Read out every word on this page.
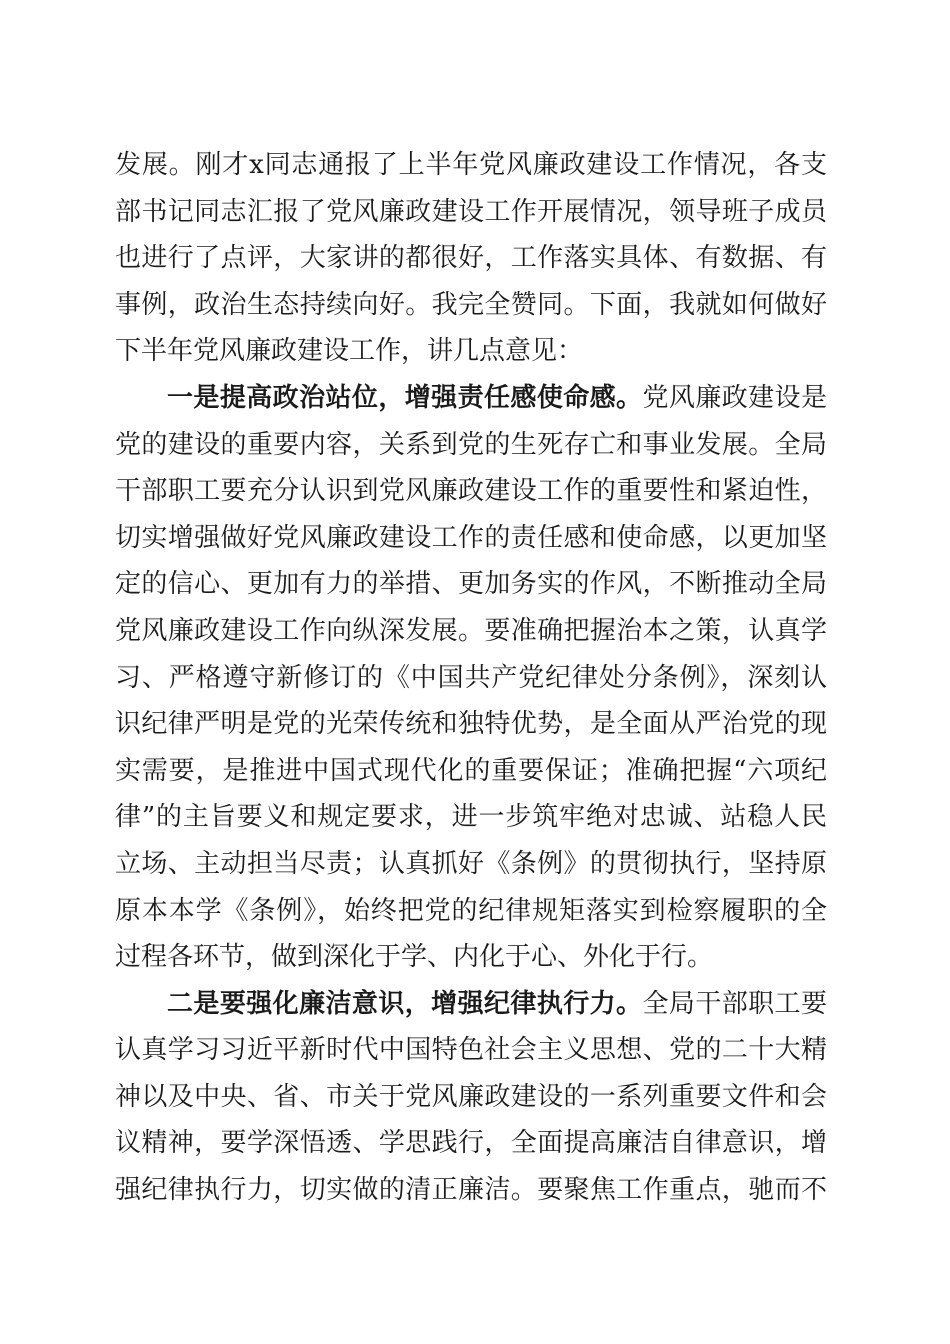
发展。刚才x同志通报了上半年党风廉政建设工作情况，各支
部书记同志汇报了党风廉政建设工作开展情况，领导班子成员
也进行了点评，大家讲的都很好，工作落实具体、有数据、有
事例，政治生态持续向好。我完全赞同。下面，我就如何做好
下半年党风廉政建设工作，讲几点意见：
一是提高政治站位，增强责任感使命感。党风廉政建设是
党的建设的重要内容，关系到党的生死存亡和事业发展。全局
干部职工要充分认识到党风廉政建设工作的重要性和紧迫性，
切实增强做好党风廉政建设工作的责任感和使命感，以更加坚
定的信心、更加有力的举措、更加务实的作风，不断推动全局
党风廉政建设工作向纵深发展。要准确把握治本之策，认真学
习、严格遵守新修订的《中国共产党纪律处分条例》，深刻认
识纪律严明是党的光荣传统和独特优势，是全面从严治党的现
实需要，是推进中国式现代化的重要保证；准确把握“六项纪
律”的主旨要义和规定要求，进一步筑牢绝对忠诚、站稳人民
立场、主动担当尽责；认真抓好《条例》的贯彻执行，坚持原
原本本学《条例》，始终把党的纪律规矩落实到检察履职的全
过程各环节，做到深化于学、内化于心、外化于行。
二是要强化廉洁意识，增强纪律执行力。全局干部职工要
认真学习习近平新时代中国特色社会主义思想、党的二十大精
神以及中央、省、市关于党风廉政建设的一系列重要文件和会
议精神，要学深悟透、学思践行，全面提高廉洁自律意识，增
强纪律执行力，切实做的清正廉洁。要聚焦工作重点，驰而不
